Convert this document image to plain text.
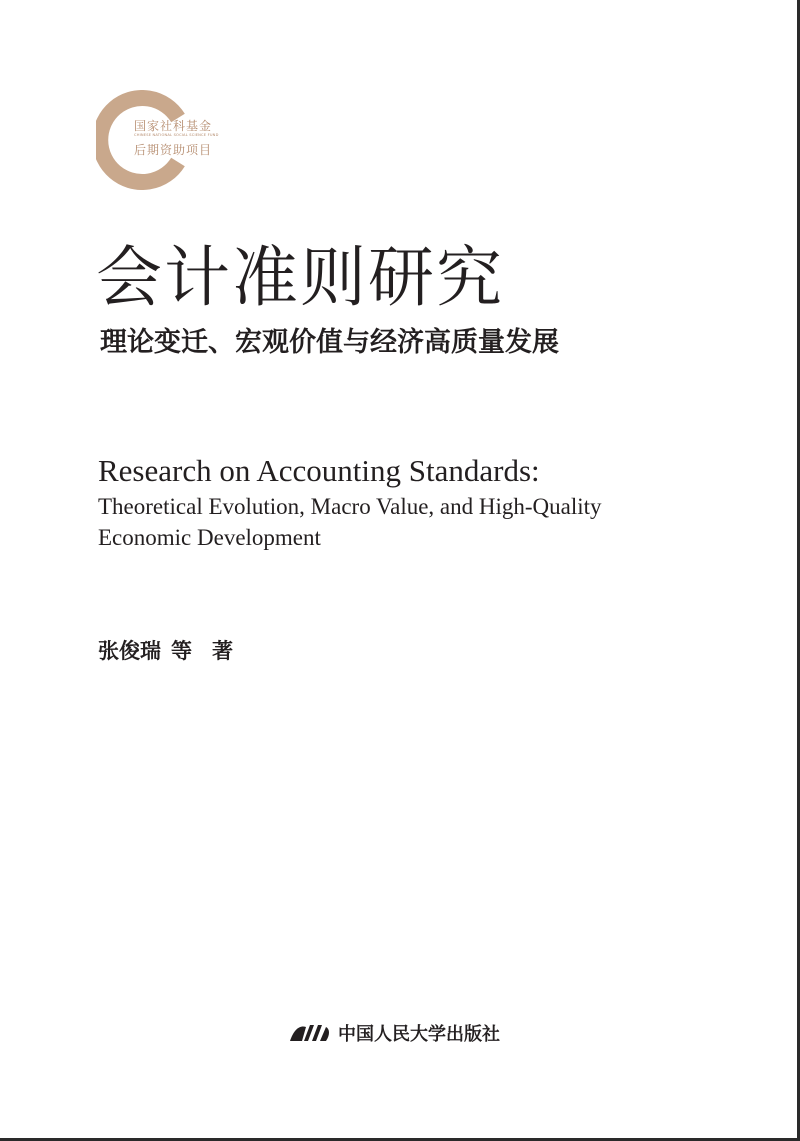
国家社科基金
CHINESE NATIONAL SOCIAL SCIENCE FUND
后期资助项目
会计准则研究
理论变迁、宏观价值与经济高质量发展
Research on Accounting Standards:
Theoretical Evolution, Macro Value, and High-Quality
Economic Development
张俊瑞 等 著
中国人民大学出版社
